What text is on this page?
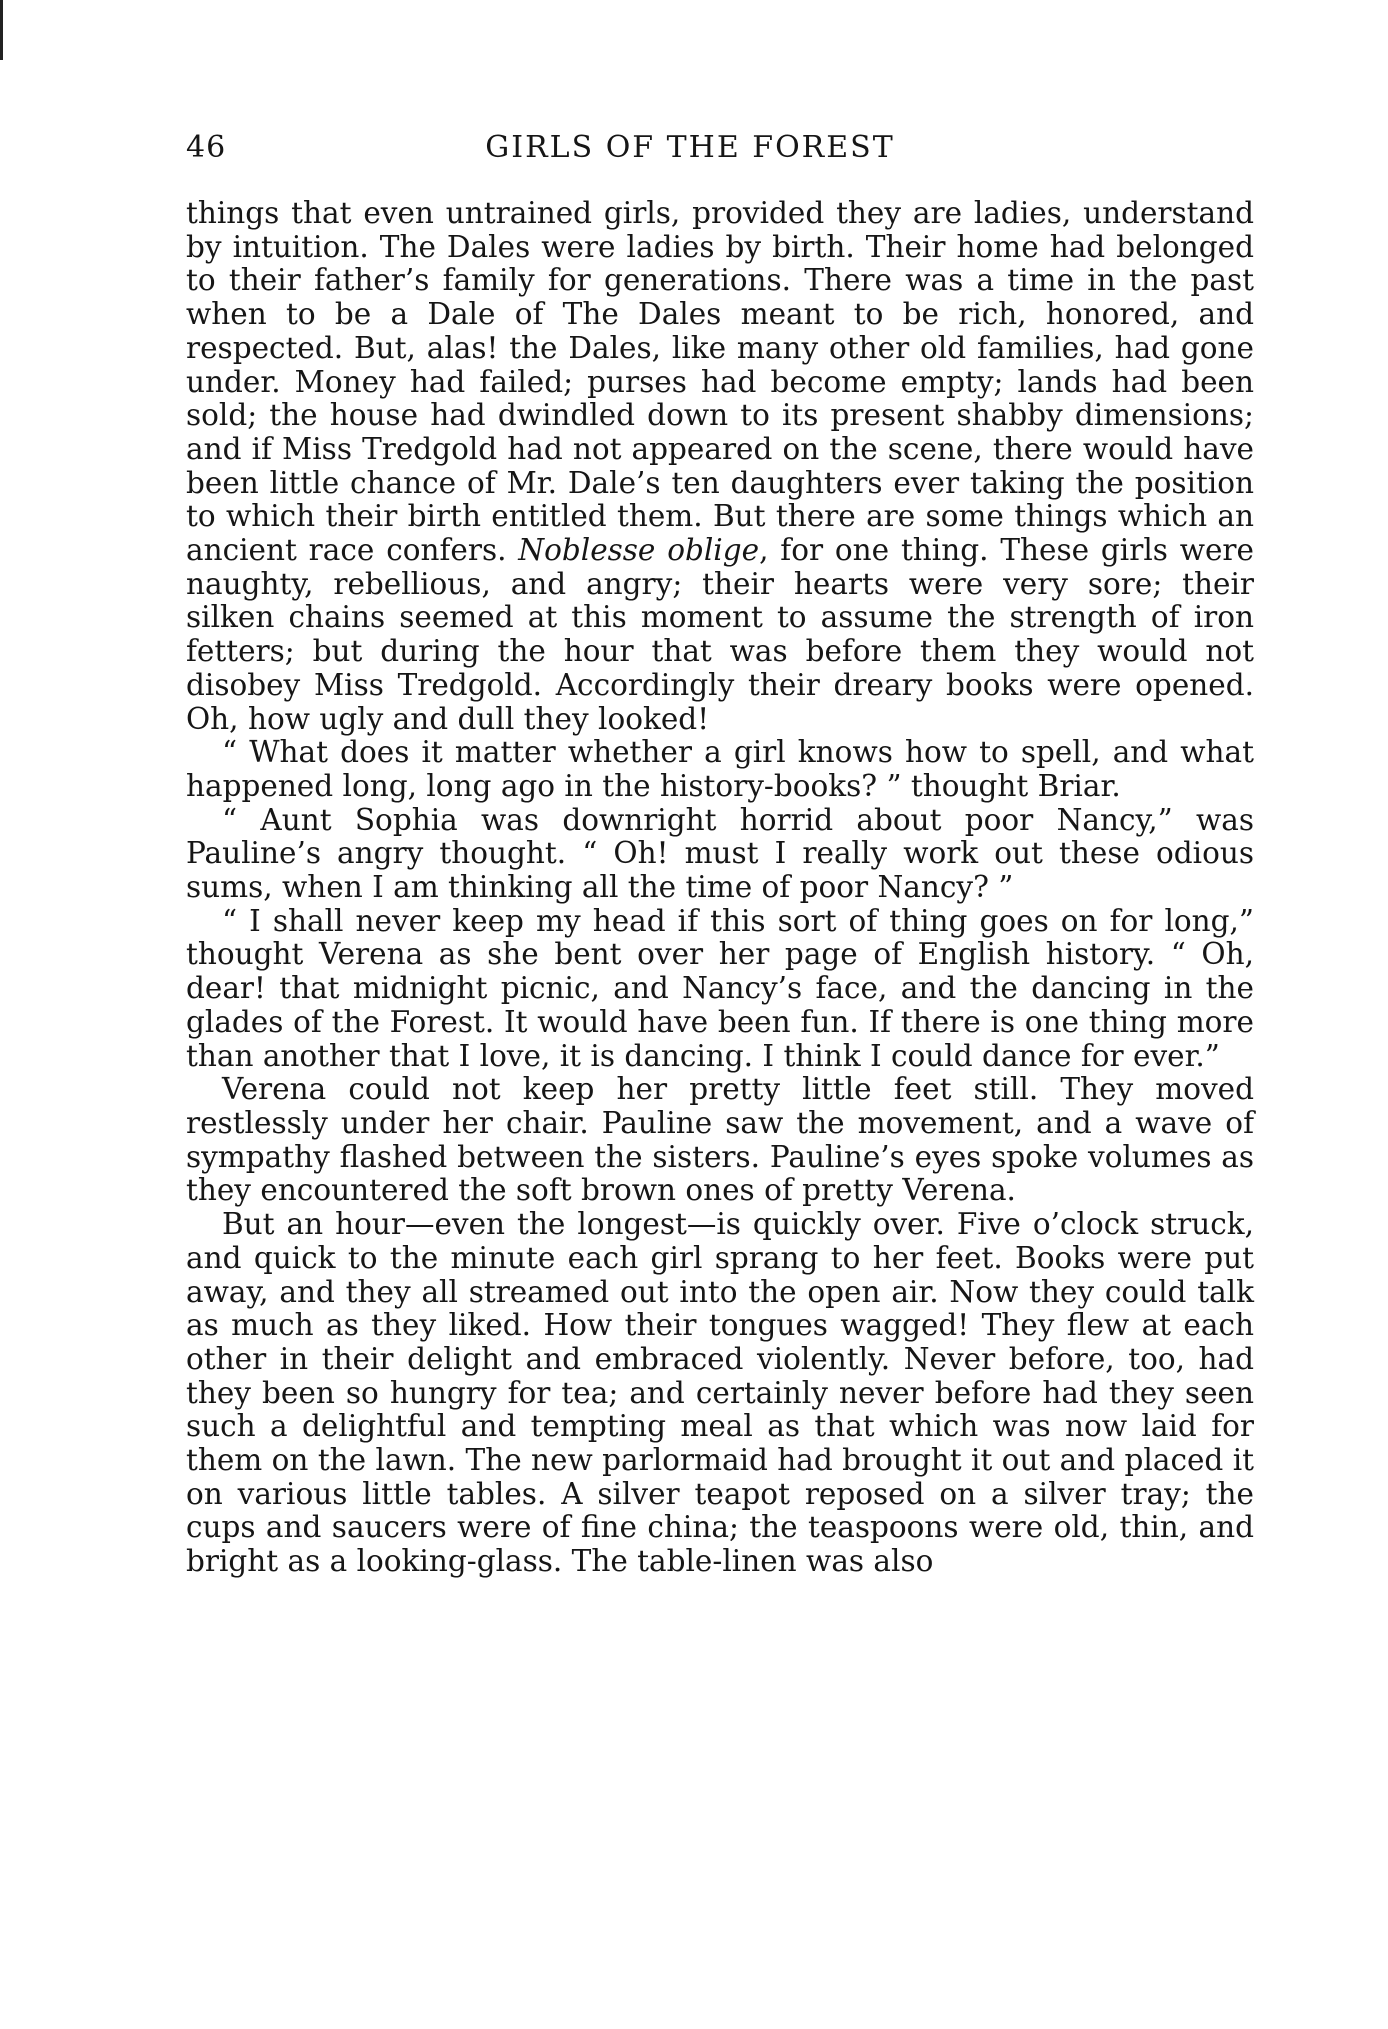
46	GIRLS OF THE FOREST

things that even untrained girls, provided they are ladies, understand by intuition. The Dales were ladies by birth. Their home had belonged to their father’s family for generations. There was a time in the past when to be a Dale of The Dales meant to be rich, honored, and respected. But, alas! the Dales, like many other old families, had gone under. Money had failed; purses had become empty; lands had been sold; the house had dwindled down to its present shabby dimensions; and if Miss Tredgold had not appeared on the scene, there would have been little chance of Mr. Dale’s ten daughters ever taking the position to which their birth entitled them. But there are some things which an ancient race confers. Noblesse oblige, for one thing. These girls were naughty, rebellious, and angry; their hearts were very sore; their silken chains seemed at this moment to assume the strength of iron fetters; but during the hour that was before them they would not disobey Miss Tredgold. Accordingly their dreary books were opened. Oh, how ugly and dull they looked!

“ What does it matter whether a girl knows how to spell, and what happened long, long ago in the history-books? ” thought Briar.

“ Aunt Sophia was downright horrid about poor Nancy,” was Pauline’s angry thought. “ Oh! must I really work out these odious sums, when I am thinking all the time of poor Nancy? ”

“ I shall never keep my head if this sort of thing goes on for long,” thought Verena as she bent over her page of English history. “ Oh, dear! that midnight picnic, and Nancy’s face, and the dancing in the glades of the Forest. It would have been fun. If there is one thing more than another that I love, it is dancing. I think I could dance for ever.”

Verena could not keep her pretty little feet still. They moved restlessly under her chair. Pauline saw the movement, and a wave of sympathy flashed between the sisters. Pauline’s eyes spoke volumes as they encountered the soft brown ones of pretty Verena.

But an hour—even the longest—is quickly over. Five o’clock struck, and quick to the minute each girl sprang to her feet. Books were put away, and they all streamed out into the open air. Now they could talk as much as they liked. How their tongues wagged! They flew at each other in their delight and embraced violently. Never before, too, had they been so hungry for tea; and certainly never before had they seen such a delightful and tempting meal as that which was now laid for them on the lawn. The new parlormaid had brought it out and placed it on various little tables. A silver teapot reposed on a silver tray; the cups and saucers were of fine china; the teaspoons were old, thin, and bright as a looking-glass. The table-linen was also
